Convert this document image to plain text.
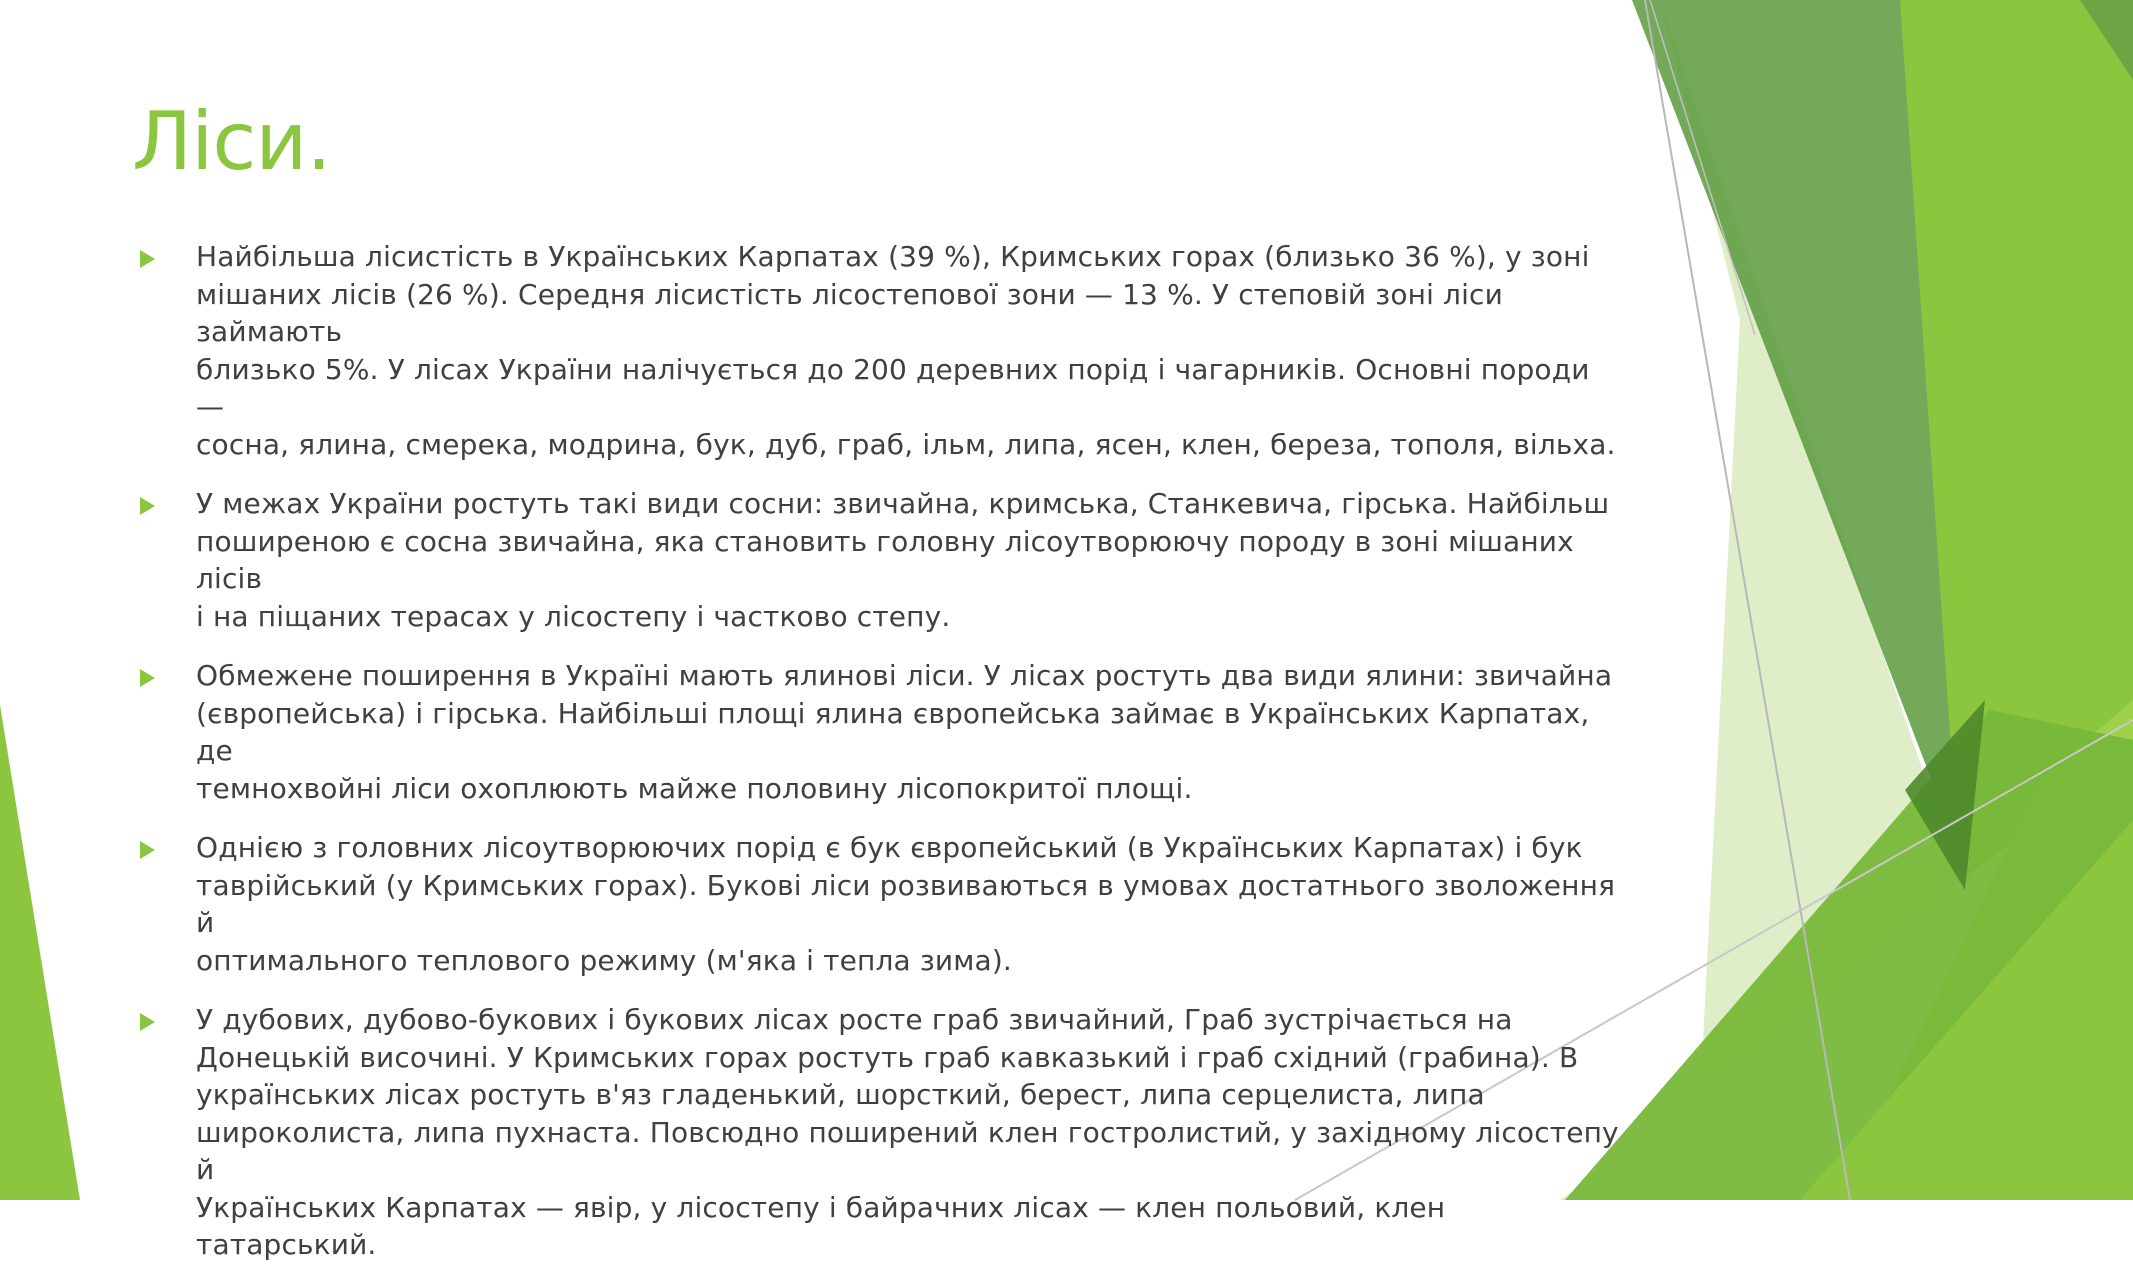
Ліси.
Найбільша лісистість в Українських Карпатах (39 %), Кримських горах (близько 36 %), у зоні
мішаних лісів (26 %). Середня лісистість лісостепової зони — 13 %. У степовій зоні ліси займають
близько 5%. У лісах України налічується до 200 деревних порід і чагарників. Основні породи —
сосна, ялина, смерека, модрина, бук, дуб, граб, ільм, липа, ясен, клен, береза, тополя, вільха.
У межах України ростуть такі види сосни: звичайна, кримська, Станкевича, гірська. Найбільш
поширеною є сосна звичайна, яка становить головну лісоутворюючу породу в зоні мішаних лісів
і на піщаних терасах у лісостепу і частково степу.
Обмежене поширення в Україні мають ялинові ліси. У лісах ростуть два види ялини: звичайна
(європейська) і гірська. Найбільші площі ялина європейська займає в Українських Карпатах, де
темнохвойні ліси охоплюють майже половину лісопокритої площі.
Однією з головних лісоутворюючих порід є бук європейський (в Українських Карпатах) і бук
таврійський (у Кримських горах). Букові ліси розвиваються в умовах достатнього зволоження й
оптимального теплового режиму (м'яка і тепла зима).
У дубових, дубово-букових і букових лісах росте граб звичайний, Граб зустрічається на
Донецькій височині. У Кримських горах ростуть граб кавказький і граб східний (грабина). В
українських лісах ростуть в'яз гладенький, шорсткий, берест, липа серцелиста, липа
широколиста, липа пухнаста. Повсюдно поширений клен гостролистий, у західному лісостепу й
Українських Карпатах — явір, у лісостепу і байрачних лісах — клен польовий, клен татарський.
